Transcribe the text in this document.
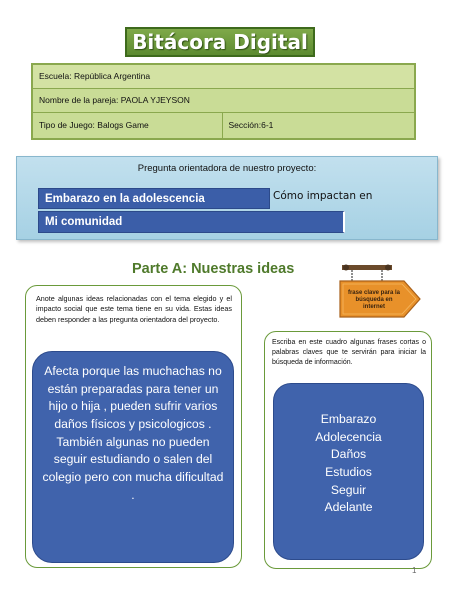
Bitácora Digital
Escuela: República Argentina
Nombre de la pareja: PAOLA YJEYSON
Tipo de Juego: Balogs Game	Sección:6-1
Pregunta orientadora de nuestro proyecto:
Embarazo en la adolescencia	Cómo impactan en
Mi comunidad
Parte A: Nuestras ideas
frase clave para la
búsqueda en
internet
Anote algunas ideas relacionadas con el tema elegido y el impacto social que este tema tiene en su vida. Estas ideas deben responder a las pregunta orientadora del proyecto.
Afecta porque las muchachas no están preparadas para tener un hijo o hija , pueden sufrir varios daños físicos y psicologicos . También algunas no pueden seguir estudiando o salen del colegio pero con mucha dificultad .
Escriba en este cuadro algunas frases cortas o palabras claves que te servirán para iniciar la búsqueda de información.
Embarazo
Adolecencia
Daños
Estudios
Seguir
Adelante
1
